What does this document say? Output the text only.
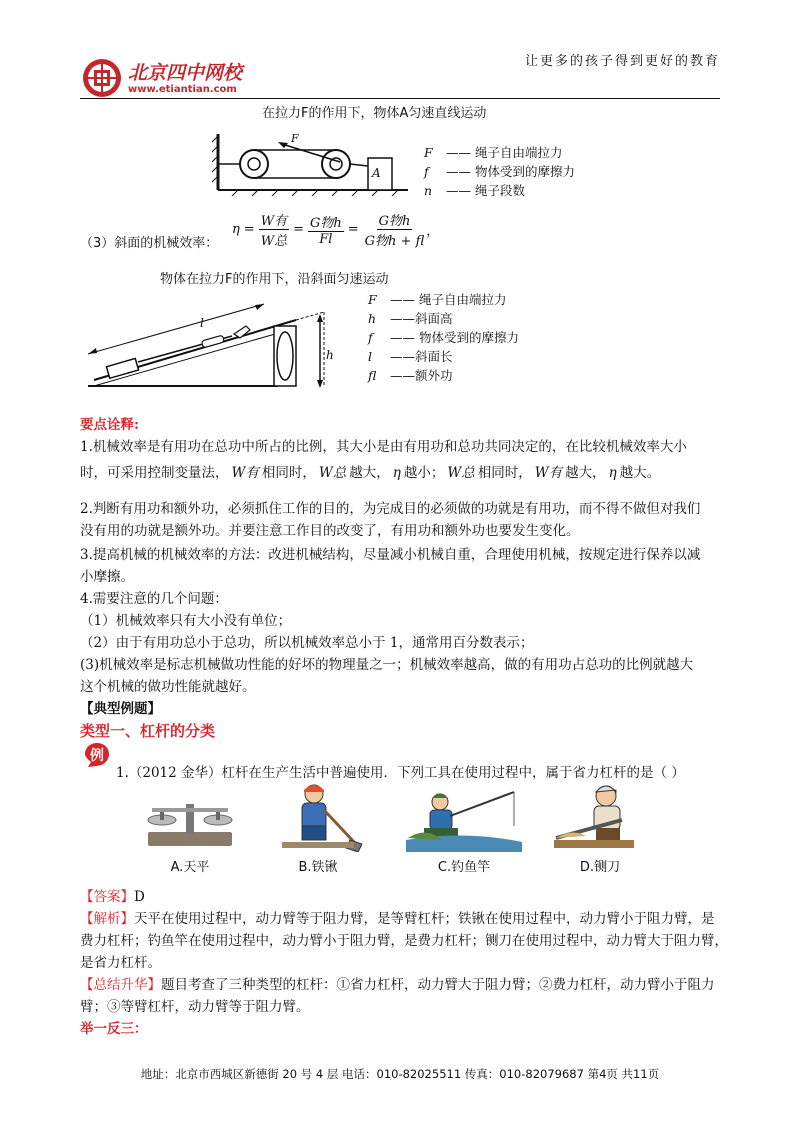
北京四中网校
www.etiantian.com
让更多的孩子得到更好的教育
在拉力F的作用下，物体A匀速直线运动
F
A
F —— 绳子自由端拉力
f —— 物体受到的摩擦力
n —— 绳子段数
（3）斜面的机械效率：
η =
W有
W总
= G物h
Fl
=
G物h
G物h + fl
，
物体在拉力F的作用下，沿斜面匀速运动
l
h
F —— 绳子自由端拉力
h ——斜面高
f —— 物体受到的摩擦力
l ——斜面长
fl ——额外功
要点诠释:
1.机械效率是有用功在总功中所占的比例，其大小是由有用功和总功共同决定的，在比较机械效率大小
时，可采用控制变量法， W有 相同时， W总 越大， η 越小； W总 相同时， W有 越大， η 越大。
2.判断有用功和额外功，必须抓住工作的目的，为完成目的必须做的功就是有用功，而不得不做但对我们
没有用的功就是额外功。并要注意工作目的改变了，有用功和额外功也要发生变化。
3.提高机械的机械效率的方法：改进机械结构，尽量减小机械自重，合理使用机械，按规定进行保养以减
小摩擦。
4.需要注意的几个问题：
（1）机械效率只有大小没有单位；
（2）由于有用功总小于总功，所以机械效率总小于 1，通常用百分数表示；
(3)机械效率是标志机械做功性能的好坏的物理量之一；机械效率越高，做的有用功占总功的比例就越大
这个机械的做功性能就越好。
【典型例题】
类型一、杠杆的分类
例
1.（2012 金华）杠杆在生产生活中普遍使用．下列工具在使用过程中，属于省力杠杆的是（ ）
A.天平	B.铁锹	C.钓鱼竿	D.铡刀
【答案】D
【解析】天平在使用过程中，动力臂等于阻力臂，是等臂杠杆；铁锹在使用过程中，动力臂小于阻力臂，是
费力杠杆；钓鱼竿在使用过程中，动力臂小于阻力臂，是费力杠杆；铡刀在使用过程中，动力臂大于阻力臂，
是省力杠杆。
【总结升华】题目考查了三种类型的杠杆：①省力杠杆，动力臂大于阻力臂；②费力杠杆，动力臂小于阻力
臂；③等臂杠杆，动力臂等于阻力臂。
举一反三：
地址：北京市西城区新德街 20 号 4 层 电话：010-82025511 传真：010-82079687 第4页 共11页
